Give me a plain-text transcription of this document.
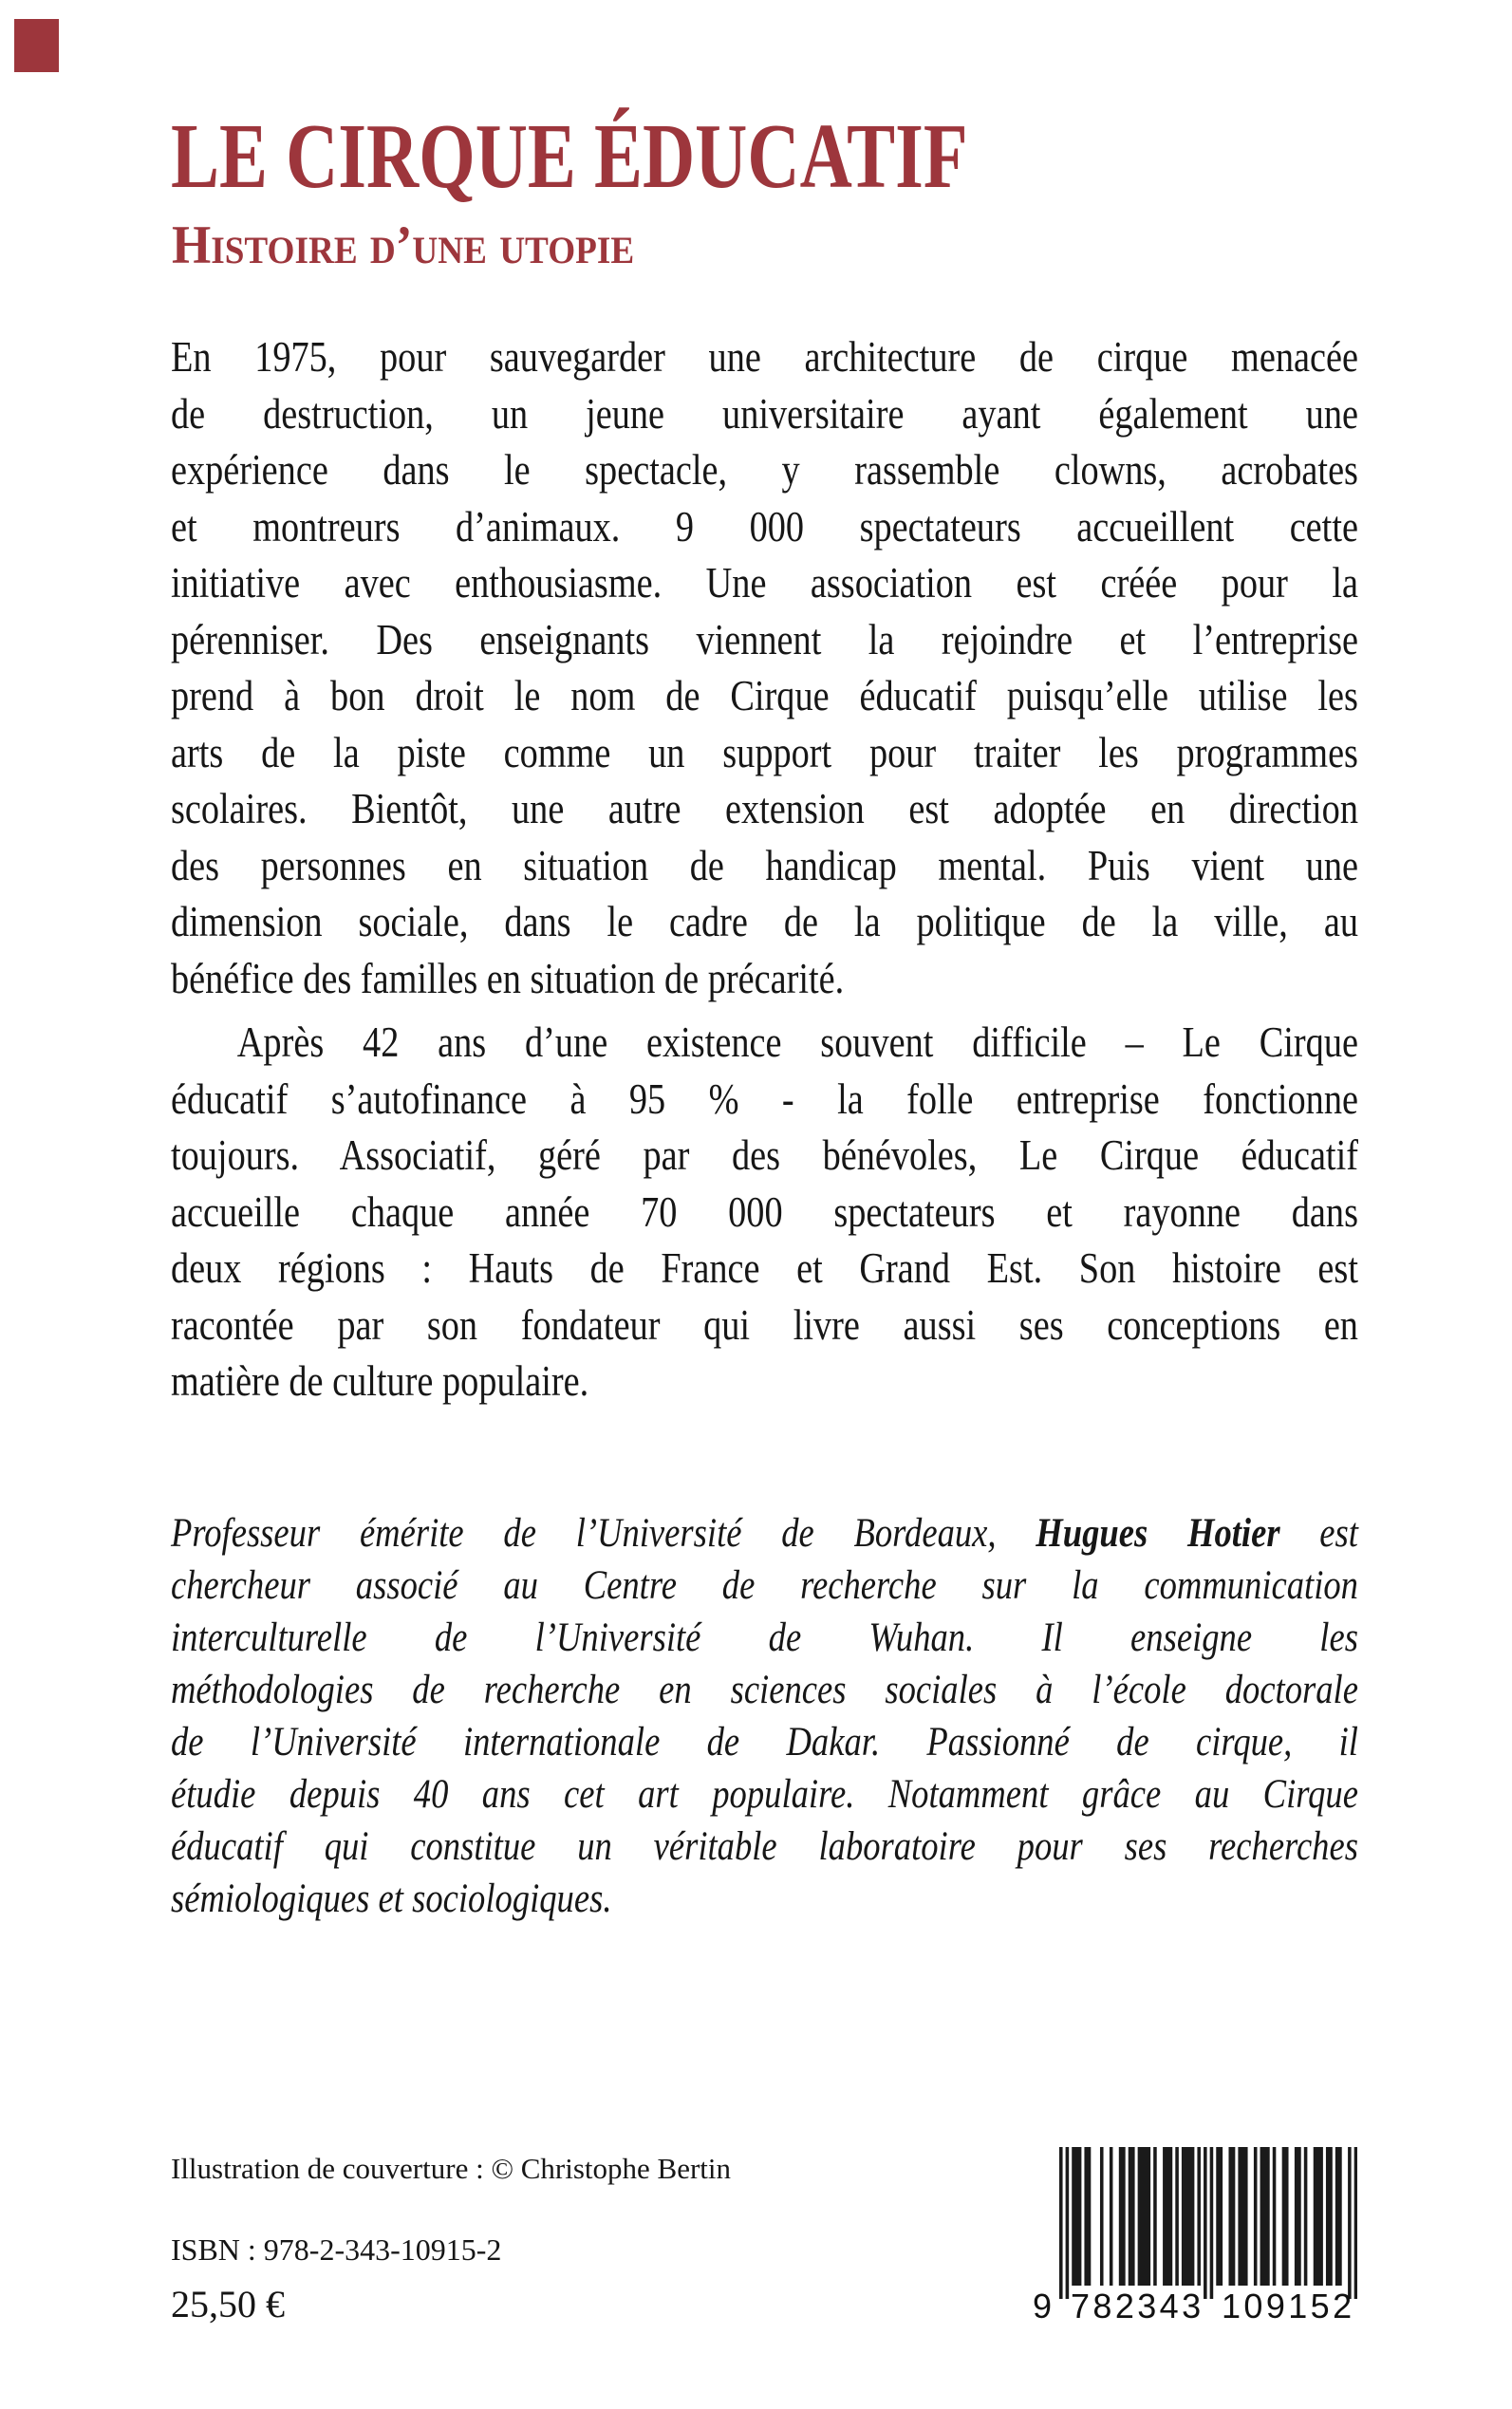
LE CIRQUE ÉDUCATIF
Histoire d’une utopie
En 1975, pour sauvegarder une architecture de cirque menacée
de destruction, un jeune universitaire ayant également une
expérience dans le spectacle, y rassemble clowns, acrobates
et montreurs d’animaux. 9 000 spectateurs accueillent cette
initiative avec enthousiasme. Une association est créée pour la
pérenniser. Des enseignants viennent la rejoindre et l’entreprise
prend à bon droit le nom de Cirque éducatif puisqu’elle utilise les
arts de la piste comme un support pour traiter les programmes
scolaires. Bientôt, une autre extension est adoptée en direction
des personnes en situation de handicap mental. Puis vient une
dimension sociale, dans le cadre de la politique de la ville, au
bénéfice des familles en situation de précarité.
Après 42 ans d’une existence souvent difficile – Le Cirque
éducatif s’autofinance à 95 % - la folle entreprise fonctionne
toujours. Associatif, géré par des bénévoles, Le Cirque éducatif
accueille chaque année 70 000 spectateurs et rayonne dans
deux régions : Hauts de France et Grand Est. Son histoire est
racontée par son fondateur qui livre aussi ses conceptions en
matière de culture populaire.
Professeur émérite de l’Université de Bordeaux, Hugues Hotier est
chercheur associé au Centre de recherche sur la communication
interculturelle de l’Université de Wuhan. Il enseigne les
méthodologies de recherche en sciences sociales à l’école doctorale
de l’Université internationale de Dakar. Passionné de cirque, il
étudie depuis 40 ans cet art populaire. Notamment grâce au Cirque
éducatif qui constitue un véritable laboratoire pour ses recherches
sémiologiques et sociologiques.
Illustration de couverture : © Christophe Bertin
ISBN : 978-2-343-10915-2
25,50 €	9 782343 109152
